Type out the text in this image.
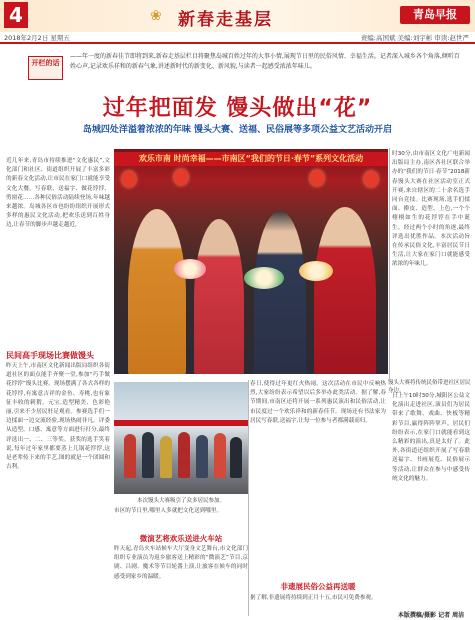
4	❀ 新春走基层	青岛早报
2018年2月2日 星期五	责编:高国斌 美编:刘宇彬 审读:赵世严
开栏的话
——年一度的新春佳节即将到来,新春走基层栏目将聚焦岛城百姓过年的大事小情,展现节日里的民俗风情、幸福生活。记者深入城乡各个角落,倾听百姓心声,记录欢乐祥和的新春气象,讲述新时代的新变化、新风貌,与读者一起感受浓浓年味儿。
过年把面发 馒头做出“花”
岛城四处洋溢着浓浓的年味 馒头大赛、送福、民俗展等多项公益文艺活动开启
近几年来,青岛市持续推进“文化惠民”,文化部门和社区、街道组织开展了丰富多彩的新春文化活动,让市民在家门口就能享受文化大餐。写春联、送福字、做花饽饽、剪窗花……各种民俗活动陆续登场,年味越来越浓。岛城各区市也纷纷组织开展形式多样的惠民文化活动,把欢乐送到百姓身边,让春节的脚步声越走越近。
民间高手现场比赛做馒头
昨天上午,市南区文化新闻出版局组织各街道社区的面点能手齐聚一堂,参加“巧手做花饽饽”馒头比赛。现场摆满了各式各样的花饽饽,有寓意吉祥的金鱼、寿桃,也有象征丰收的刺猬、元宝,造型精美、色彩艳丽,引来不少居民驻足观看。参赛选手们一边揉面一边交流经验,现场热闹非凡。评委从造型、口感、寓意等方面进行打分,最终评选出一、二、三等奖。获奖的选手笑着说,每年过年家里都要蒸上几锅花饽饽,这是老辈传下来的手艺,图的就是一个团圆和吉利。
欢乐市南 时尚幸福——市南区“我们的节日·春节”系列文化活动
馒头大赛将传统民俗带进社区居民身边。
时30分,由市南区文化广电新闻出版局主办,南区各社区联合举办的“我们的节日·春节”2018新春馒头大赛在社区活动室正式开赛,来自辖区的二十余名选手同台竞技。比赛现场,选手们揉面、擀皮、造型、上色,一个个栩栩如生的花饽饽在手中诞生。经过两个小时的角逐,最终评选出优胜作品。本次活动旨在传承民俗文化,丰富居民节日生活,让大家在家门口就能感受浓浓的年味儿。
日上午10时30分,城阳区公益文化演出走进社区,演员们为居民带来了歌舞、戏曲、快板等精彩节目,赢得阵阵掌声。居民们纷纷表示,在家门口就能看到这么精彩的演出,真是太好了。此外,各街道还组织开展了写春联送福字、书画展览、民俗展示等活动,让群众在参与中感受传统文化的魅力。
本次馒头大赛吸引了众多居民参加。
春日,使得过年更红火热闹。这次活动在市民中反响热烈,大家纷纷表示希望以后多举办此类活动。据了解,春节期间,市南区还将开展一系列惠民演出和民俗活动,让市民度过一个欢乐祥和的新春佳节。现场还有书法家为居民写春联,送福字,让每一位参与者都满载而归。
市区的节日里,哪里人多就把文化送到哪里。
微演艺将欢乐送进火车站
昨天起,青岛火车站候车大厅变身文艺舞台,市文化部门组织专业演员为返乡旅客送上精彩的“微演艺”节目,京剧、吕剧、魔术等节目轮番上演,让旅客在候车的同时感受到家乡的温暖。
非遗展民俗公益再送暖
据了解,非遗展将持续到正月十五,市民可免费参观。
本版撰稿/摄影 记者 周洁
